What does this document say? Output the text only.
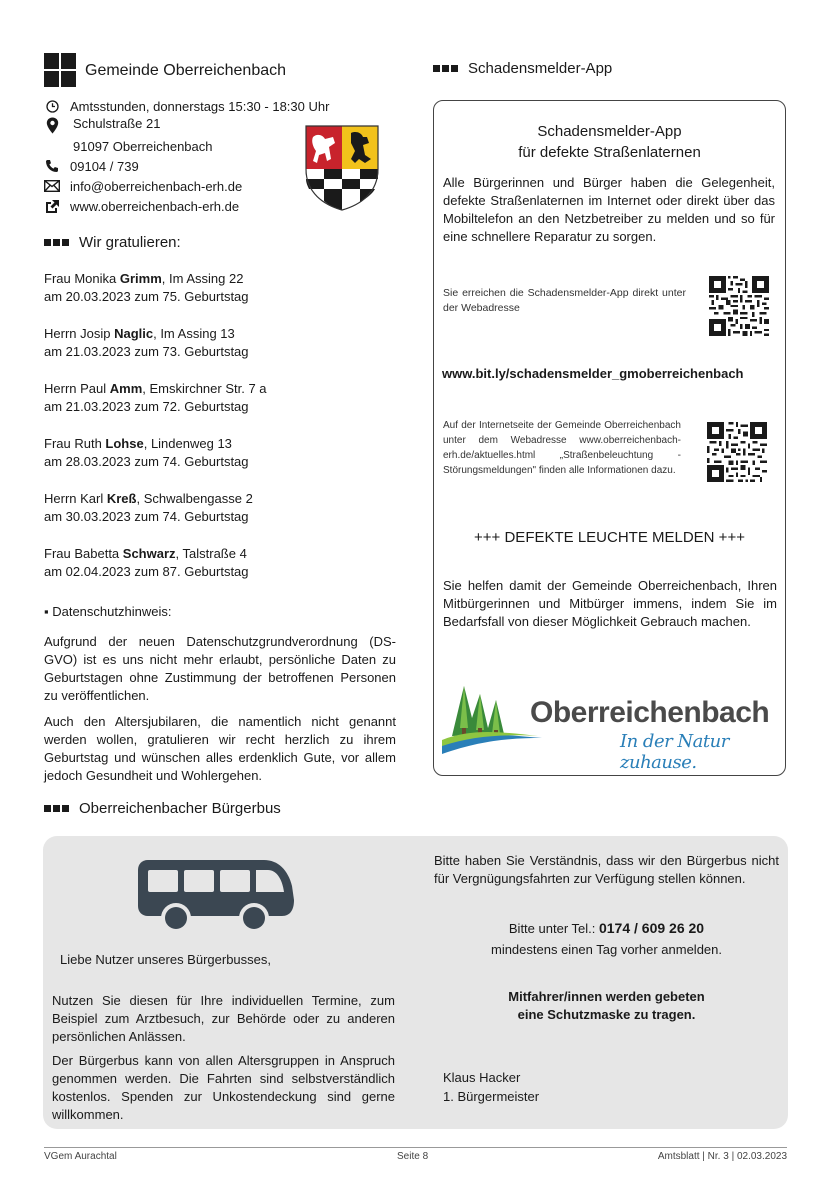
Gemeinde Oberreichenbach
Amtsstunden, donnerstags 15:30 - 18:30 Uhr
Schulstraße 21
91097 Oberreichenbach
09104 / 739
info@oberreichenbach-erh.de
www.oberreichenbach-erh.de
Wir gratulieren:
Frau Monika Grimm, Im Assing 22
am 20.03.2023 zum 75. Geburtstag
Herrn Josip Naglic, Im Assing 13
am 21.03.2023 zum 73. Geburtstag
Herrn Paul Amm, Emskirchner Str. 7 a
am 21.03.2023 zum 72. Geburtstag
Frau Ruth Lohse, Lindenweg 13
am 28.03.2023 zum 74. Geburtstag
Herrn Karl Kreß, Schwalbengasse 2
am 30.03.2023 zum 74. Geburtstag
Frau Babetta Schwarz, Talstraße 4
am 02.04.2023 zum 87. Geburtstag

▪ Datenschutzhinweis:

Aufgrund der neuen Datenschutzgrundverordnung (DS-GVO) ist es uns nicht mehr erlaubt, persönliche Daten zu Geburtstagen ohne Zustimmung der betroffenen Personen zu veröffentlichen.

Auch den Altersjubilaren, die namentlich nicht genannt werden wollen, gratulieren wir recht herzlich zu ihrem Geburtstag und wünschen alles erdenklich Gute, vor allem jedoch Gesundheit und Wohlergehen.

Schadensmelder-App
Schadensmelder-App
für defekte Straßenlaternen

Alle Bürgerinnen und Bürger haben die Gelegenheit, defekte Straßenlaternen im Internet oder direkt über das Mobiltelefon an den Netzbetreiber zu melden und so für eine schnellere Reparatur zu sorgen.

Sie erreichen die Schadensmelder-App direkt unter der Webadresse

www.bit.ly/schadensmelder_gmoberreichenbach

Auf der Internetseite der Gemeinde Oberreichenbach unter dem Webadresse www.oberreichenbach-erh.de/aktuelles.html „Straßenbeleuchtung - Störungsmeldungen" finden alle Informationen dazu.

+++ DEFEKTE LEUCHTE MELDEN +++

Sie helfen damit der Gemeinde Oberreichenbach, Ihren Mitbürgerinnen und Mitbürger immens, indem Sie im Bedarfsfall von dieser Möglichkeit Gebrauch machen.

Oberreichenbach
In der Natur zuhause.
Oberreichenbacher Bürgerbus
Liebe Nutzer unseres Bürgerbusses,

Nutzen Sie diesen für Ihre individuellen Termine, zum Beispiel zum Arztbesuch, zur Behörde oder zu anderen persönlichen Anlässen.

Der Bürgerbus kann von allen Altersgruppen in Anspruch genommen werden. Die Fahrten sind selbstverständlich kostenlos. Spenden zur Unkostendeckung sind gerne willkommen.

Bitte haben Sie Verständnis, dass wir den Bürgerbus nicht für Vergnügungsfahrten zur Verfügung stellen können.

Bitte unter Tel.: 0174 / 609 26 20
mindestens einen Tag vorher anmelden.
Mitfahrer/innen werden gebeten
eine Schutzmaske zu tragen.
Klaus Hacker
1. Bürgermeister
VGem Aurachtal	Seite 8	Amtsblatt | Nr. 3 | 02.03.2023
